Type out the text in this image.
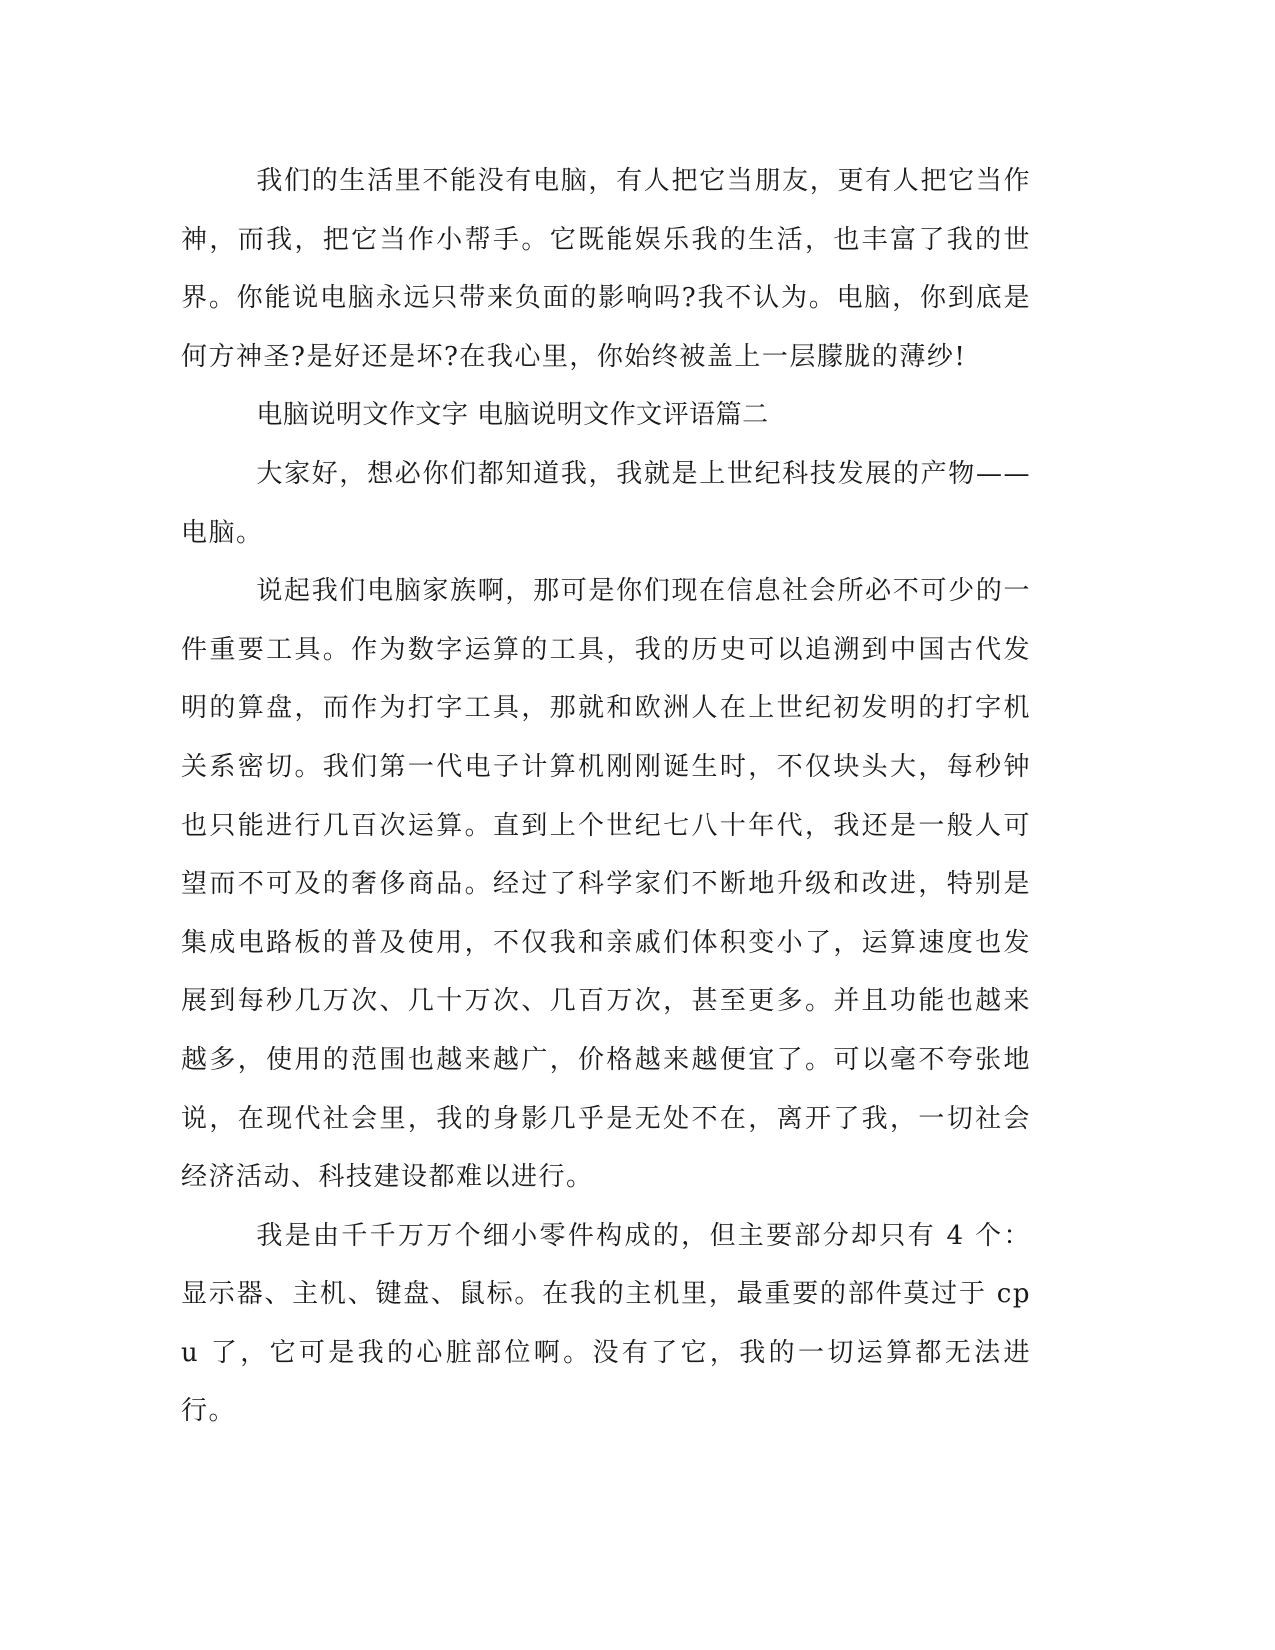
我们的生活里不能没有电脑，有人把它当朋友，更有人把它当作神，而我，把它当作小帮手。它既能娱乐我的生活，也丰富了我的世界。你能说电脑永远只带来负面的影响吗?我不认为。电脑，你到底是何方神圣?是好还是坏?在我心里，你始终被盖上一层朦胧的薄纱!

电脑说明文作文字 电脑说明文作文评语篇二

大家好，想必你们都知道我，我就是上世纪科技发展的产物——电脑。

说起我们电脑家族啊，那可是你们现在信息社会所必不可少的一件重要工具。作为数字运算的工具，我的历史可以追溯到中国古代发明的算盘，而作为打字工具，那就和欧洲人在上世纪初发明的打字机关系密切。我们第一代电子计算机刚刚诞生时，不仅块头大，每秒钟也只能进行几百次运算。直到上个世纪七八十年代，我还是一般人可望而不可及的奢侈商品。经过了科学家们不断地升级和改进，特别是集成电路板的普及使用，不仅我和亲戚们体积变小了，运算速度也发展到每秒几万次、几十万次、几百万次，甚至更多。并且功能也越来越多，使用的范围也越来越广，价格越来越便宜了。可以毫不夸张地说，在现代社会里，我的身影几乎是无处不在，离开了我，一切社会经济活动、科技建设都难以进行。

我是由千千万万个细小零件构成的，但主要部分却只有 4 个：显示器、主机、键盘、鼠标。在我的主机里，最重要的部件莫过于 cpu 了，它可是我的心脏部位啊。没有了它，我的一切运算都无法进行。
